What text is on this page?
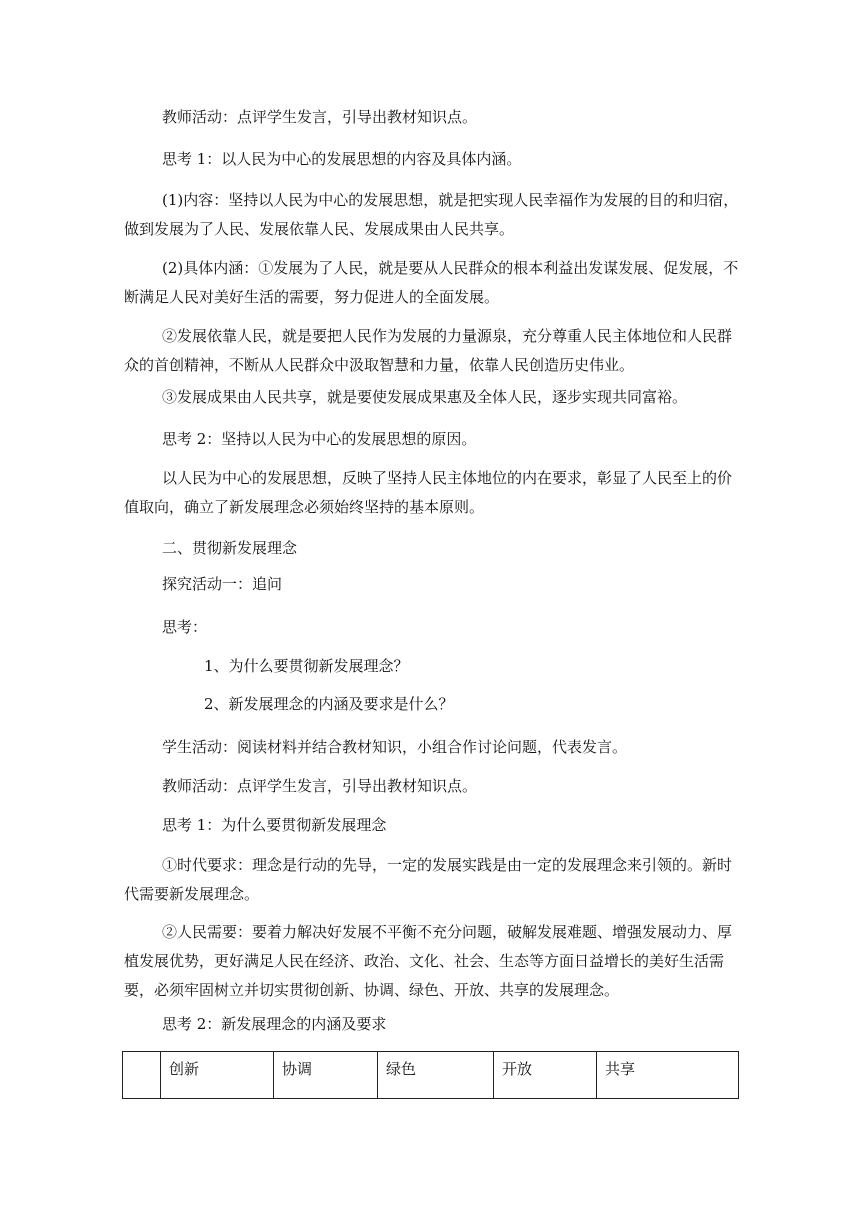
教师活动：点评学生发言，引导出教材知识点。
思考 1：以人民为中心的发展思想的内容及具体内涵。
(1)内容：坚持以人民为中心的发展思想，就是把实现人民幸福作为发展的目的和归宿，做到发展为了人民、发展依靠人民、发展成果由人民共享。
(2)具体内涵：①发展为了人民，就是要从人民群众的根本利益出发谋发展、促发展，不断满足人民对美好生活的需要，努力促进人的全面发展。
②发展依靠人民，就是要把人民作为发展的力量源泉，充分尊重人民主体地位和人民群众的首创精神，不断从人民群众中汲取智慧和力量，依靠人民创造历史伟业。
③发展成果由人民共享，就是要使发展成果惠及全体人民，逐步实现共同富裕。
思考 2：坚持以人民为中心的发展思想的原因。
以人民为中心的发展思想，反映了坚持人民主体地位的内在要求，彰显了人民至上的价值取向，确立了新发展理念必须始终坚持的基本原则。
二、贯彻新发展理念
探究活动一：追问
思考：
1、为什么要贯彻新发展理念？
2、新发展理念的内涵及要求是什么？
学生活动：阅读材料并结合教材知识，小组合作讨论问题，代表发言。
教师活动：点评学生发言，引导出教材知识点。
思考 1：为什么要贯彻新发展理念
①时代要求：理念是行动的先导，一定的发展实践是由一定的发展理念来引领的。新时代需要新发展理念。
②人民需要：要着力解决好发展不平衡不充分问题，破解发展难题、增强发展动力、厚植发展优势，更好满足人民在经济、政治、文化、社会、生态等方面日益增长的美好生活需要，必须牢固树立并切实贯彻创新、协调、绿色、开放、共享的发展理念。
思考 2：新发展理念的内涵及要求
	创新	协调	绿色	开放	共享
